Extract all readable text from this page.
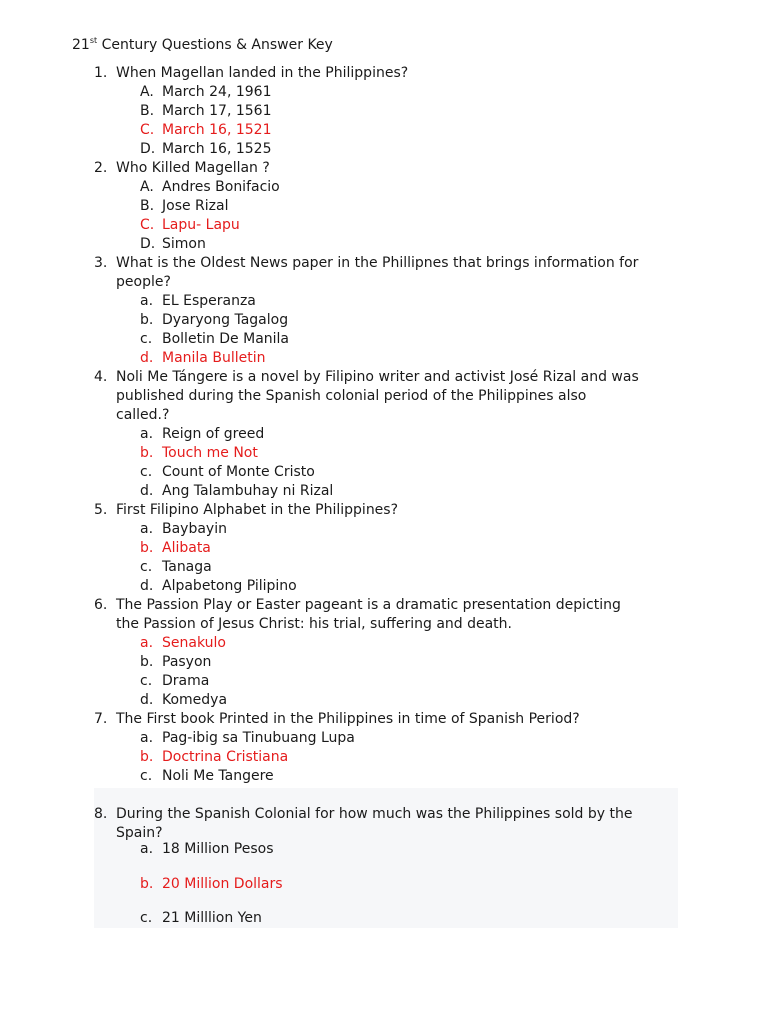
21st Century Questions & Answer Key
1. When Magellan landed in the Philippines?
A. March 24, 1961
B. March 17, 1561
C. March 16, 1521
D. March 16, 1525
2. Who Killed Magellan ?
A. Andres Bonifacio
B. Jose Rizal
C. Lapu- Lapu
D. Simon
3. What is the Oldest News paper in the Phillipnes that brings information for people?
a. EL Esperanza
b. Dyaryong Tagalog
c. Bolletin De Manila
d. Manila Bulletin
4. Noli Me Tángere is a novel by Filipino writer and activist José Rizal and was published during the Spanish colonial period of the Philippines also called.?
a. Reign of greed
b. Touch me Not
c. Count of Monte Cristo
d. Ang Talambuhay ni Rizal
5. First Filipino Alphabet in the Philippines?
a. Baybayin
b. Alibata
c. Tanaga
d. Alpabetong Pilipino
6. The Passion Play or Easter pageant is a dramatic presentation depicting the Passion of Jesus Christ: his trial, suffering and death.
a. Senakulo
b. Pasyon
c. Drama
d. Komedya
7. The First book Printed in the Philippines in time of Spanish Period?
a. Pag-ibig sa Tinubuang Lupa
b. Doctrina Cristiana
c. Noli Me Tangere
8. During the Spanish Colonial for how much was the Philippines sold by the Spain?
a. 18 Million Pesos
b. 20 Million Dollars
c. 21 Milllion Yen
